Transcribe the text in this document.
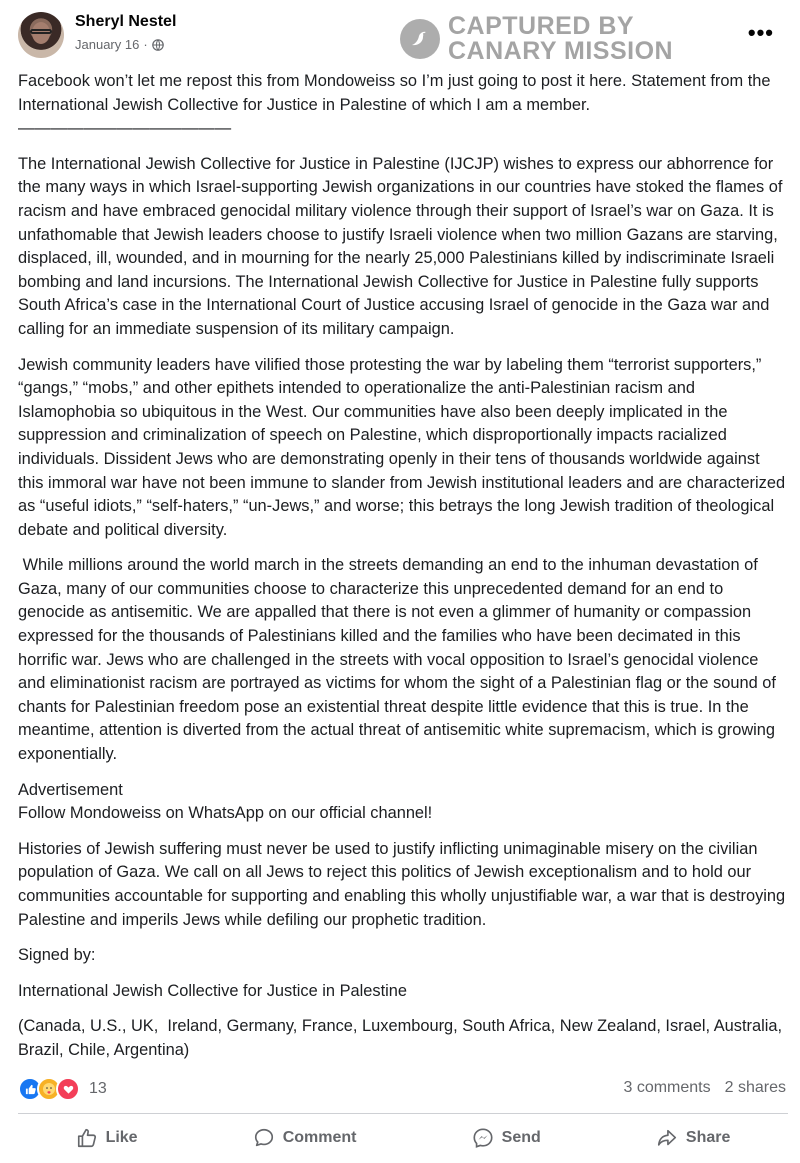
Sheryl Nestel
January 16 ·	•••
CAPTURED BY
CANARY MISSION

Facebook won’t let me repost this from Mondoweiss so I’m just going to post it here. Statement from the International Jewish Collective for Justice in Palestine of which I am a member.

—————————————

The International Jewish Collective for Justice in Palestine (IJCJP) wishes to express our abhorrence for the many ways in which Israel-supporting Jewish organizations in our countries have stoked the flames of racism and have embraced genocidal military violence through their support of Israel’s war on Gaza. It is unfathomable that Jewish leaders choose to justify Israeli violence when two million Gazans are starving, displaced, ill, wounded, and in mourning for the nearly 25,000 Palestinians killed by indiscriminate Israeli bombing and land incursions. The International Jewish Collective for Justice in Palestine fully supports South Africa’s case in the International Court of Justice accusing Israel of genocide in the Gaza war and calling for an immediate suspension of its military campaign.

Jewish community leaders have vilified those protesting the war by labeling them “terrorist supporters,” “gangs,” “mobs,” and other epithets intended to operationalize the anti-Palestinian racism and Islamophobia so ubiquitous in the West. Our communities have also been deeply implicated in the suppression and criminalization of speech on Palestine, which disproportionally impacts racialized individuals. Dissident Jews who are demonstrating openly in their tens of thousands worldwide against this immoral war have not been immune to slander from Jewish institutional leaders and are characterized as “useful idiots,” “self-haters,” “un-Jews,” and worse; this betrays the long Jewish tradition of theological debate and political diversity.

While millions around the world march in the streets demanding an end to the inhuman devastation of Gaza, many of our communities choose to characterize this unprecedented demand for an end to genocide as antisemitic. We are appalled that there is not even a glimmer of humanity or compassion expressed for the thousands of Palestinians killed and the families who have been decimated in this horrific war. Jews who are challenged in the streets with vocal opposition to Israel’s genocidal violence and eliminationist racism are portrayed as victims for whom the sight of a Palestinian flag or the sound of chants for Palestinian freedom pose an existential threat despite little evidence that this is true. In the meantime, attention is diverted from the actual threat of antisemitic white supremacism, which is growing exponentially.

Advertisement

Follow Mondoweiss on WhatsApp on our official channel!

Histories of Jewish suffering must never be used to justify inflicting unimaginable misery on the civilian population of Gaza. We call on all Jews to reject this politics of Jewish exceptionalism and to hold our communities accountable for supporting and enabling this wholly unjustifiable war, a war that is destroying Palestine and imperils Jews while defiling our prophetic tradition.

Signed by:

International Jewish Collective for Justice in Palestine

(Canada, U.S., UK,  Ireland, Germany, France, Luxembourg, South Africa, New Zealand, Israel, Australia, Brazil, Chile, Argentina)

13	3 comments 2 shares
Like	Comment	Send	Share
